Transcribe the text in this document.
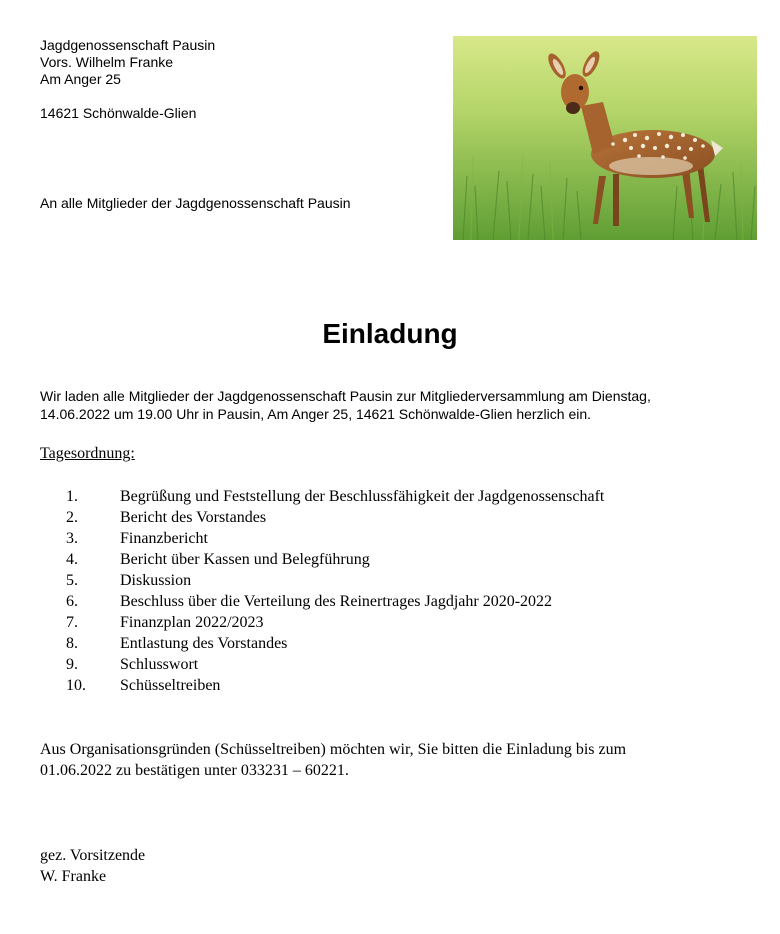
Jagdgenossenschaft Pausin
Vors. Wilhelm Franke
Am Anger 25
14621 Schönwalde-Glien
An alle Mitglieder der Jagdgenossenschaft Pausin
Einladung
Wir laden alle Mitglieder der Jagdgenossenschaft Pausin zur Mitgliederversammlung am Dienstag,
14.06.2022 um 19.00 Uhr in Pausin, Am Anger 25, 14621 Schönwalde-Glien herzlich ein.
Tagesordnung:
1.	Begrüßung und Feststellung der Beschlussfähigkeit der Jagdgenossenschaft
2.	Bericht des Vorstandes
3.	Finanzbericht
4.	Bericht über Kassen und Belegführung
5.	Diskussion
6.	Beschluss über die Verteilung des Reinertrages Jagdjahr 2020-2022
7.	Finanzplan 2022/2023
8.	Entlastung des Vorstandes
9.	Schlusswort
10.	Schüsseltreiben
Aus Organisationsgründen (Schüsseltreiben) möchten wir, Sie bitten die Einladung bis zum
01.06.2022 zu bestätigen unter 033231 – 60221.
gez. Vorsitzende
W. Franke
